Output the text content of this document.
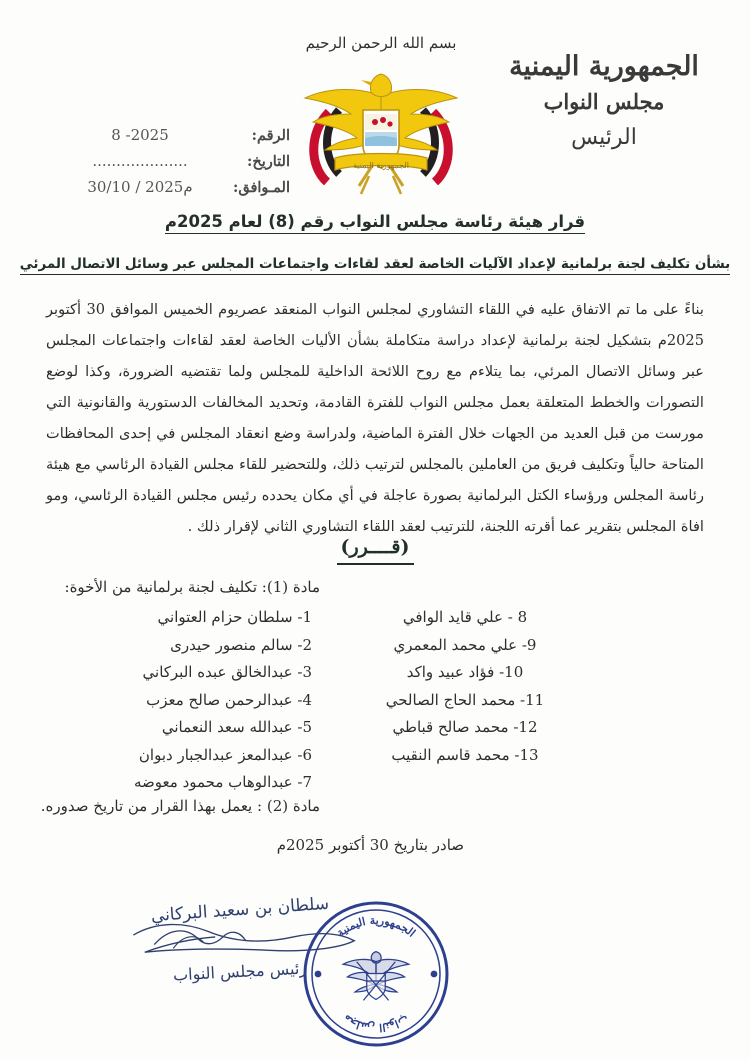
الجمهورية اليمنية
مجلس النواب
الرئيس
بسم الله الرحمن الرحيم
الجمهورية اليمنية
الرقم:
8 -2025
التاريخ:
....................
المـوافق:
30/10 / 2025م
قرار هيئة رئاسة مجلس النواب رقم (8) لعام 2025م
بشأن تكليف لجنة برلمانية لإعداد الآليات الخاصة لعقد لقاءات واجتماعات المجلس عبر وسائل الاتصال المرئي
بناءً على ما تم الاتفاق عليه في اللقاء التشاوري لمجلس النواب المنعقد عصريوم الخميس الموافق 30 أكتوبر 2025م بتشكيل لجنة برلمانية لإعداد دراسة متكاملة بشأن الأليات الخاصة لعقد لقاءات واجتماعات المجلس عبر وسائل الاتصال المرئي، بما يتلاءم مع روح اللائحة الداخلية للمجلس ولما تقتضيه الضرورة، وكذا لوضع التصورات والخطط المتعلقة بعمل مجلس النواب للفترة القادمة، وتحديد المخالفات الدستورية والقانونية التي مورست من قبل العديد من الجهات خلال الفترة الماضية، ولدراسة وضع انعقاد المجلس في إحدى المحافظات المتاحة حالياً وتكليف فريق من العاملين بالمجلس لترتيب ذلك، وللتحضير للقاء مجلس القيادة الرئاسي مع هيئة رئاسة المجلس ورؤساء الكتل البرلمانية بصورة عاجلة في أي مكان يحدده رئيس مجلس القيادة الرئاسي، ومو افاة المجلس بتقرير عما أقرته اللجنة، للترتيب لعقد اللقاء التشاوري الثاني لإقرار ذلك .
(قــــرر)
مادة (1): تكليف لجنة برلمانية من الأخوة:
1- سلطان حزام العتواني
2- سالم منصور حيدرى
3- عبدالخالق عبده البركاني
4- عبدالرحمن صالح معزب
5- عبدالله سعد النعماني
6- عبدالمعز عبدالجبار دبوان
7- عبدالوهاب محمود معوضه
8 - علي قايد الوافي
9- علي محمد المعمري
10- فؤاد عبيد واكد
11- محمد الحاج الصالحي
12- محمد صالح قباطي
13- محمد قاسم النقيب
مادة (2) : يعمل بهذا القرار من تاريخ صدوره.
صادر بتاريخ 30 أكتوبر 2025م
سلطان بن سعيد البركاني
رئيس مجلس النواب
الجمهورية اليمنية
مجلس النواب
